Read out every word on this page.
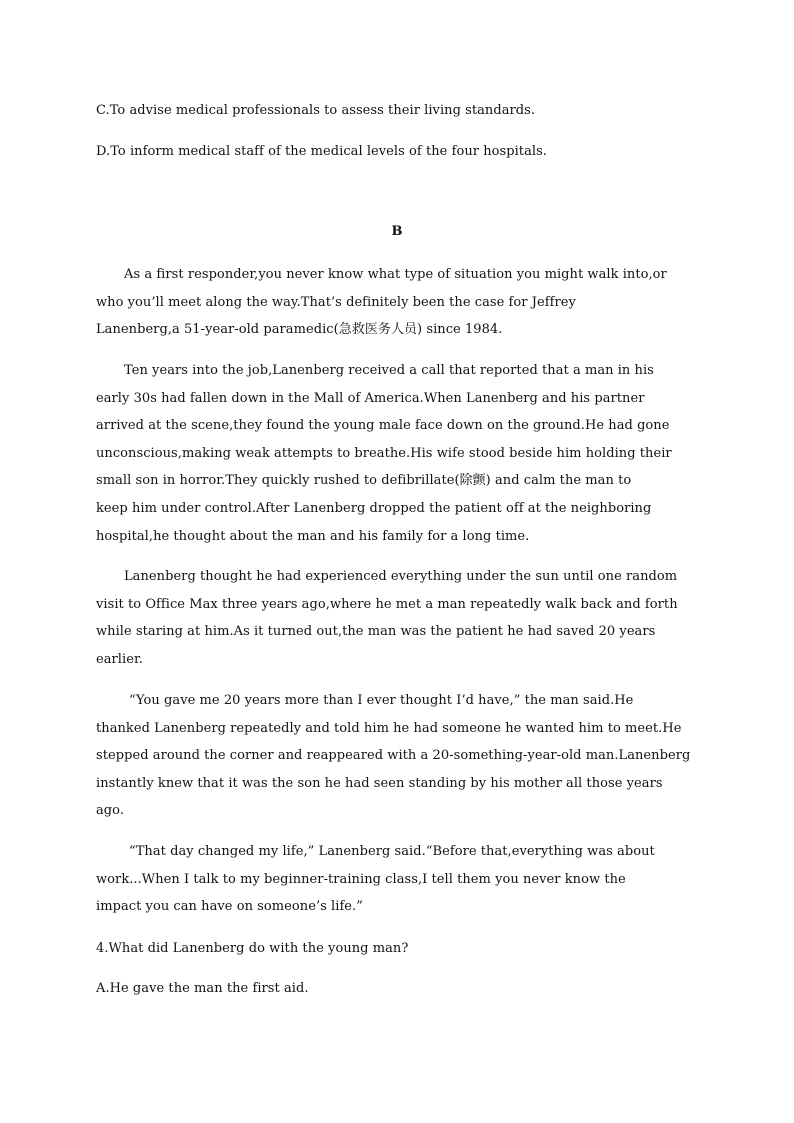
C.To advise medical professionals to assess their living standards.
D.To inform medical staff of the medical levels of the four hospitals.
B
As a first responder,you never know what type of situation you might walk into,or
who you’ll meet along the way.That’s definitely been the case for Jeffrey
Lanenberg,a 51-year-old paramedic(急救医务人员) since 1984.
Ten years into the job,Lanenberg received a call that reported that a man in his
early 30s had fallen down in the Mall of America.When Lanenberg and his partner
arrived at the scene,they found the young male face down on the ground.He had gone
unconscious,making weak attempts to breathe.His wife stood beside him holding their
small son in horror.They quickly rushed to defibrillate(除颤) and calm the man to
keep him under control.After Lanenberg dropped the patient off at the neighboring
hospital,he thought about the man and his family for a long time.
Lanenberg thought he had experienced everything under the sun until one random
visit to Office Max three years ago,where he met a man repeatedly walk back and forth
while staring at him.As it turned out,the man was the patient he had saved 20 years
earlier.
“You gave me 20 years more than I ever thought I’d have,” the man said.He
thanked Lanenberg repeatedly and told him he had someone he wanted him to meet.He
stepped around the corner and reappeared with a 20-something-year-old man.Lanenberg
instantly knew that it was the son he had seen standing by his mother all those years
ago.
“That day changed my life,” Lanenberg said.“Before that,everything was about
work...When I talk to my beginner-training class,I tell them you never know the
impact you can have on someone’s life.”
4.What did Lanenberg do with the young man?
A.He gave the man the first aid.
